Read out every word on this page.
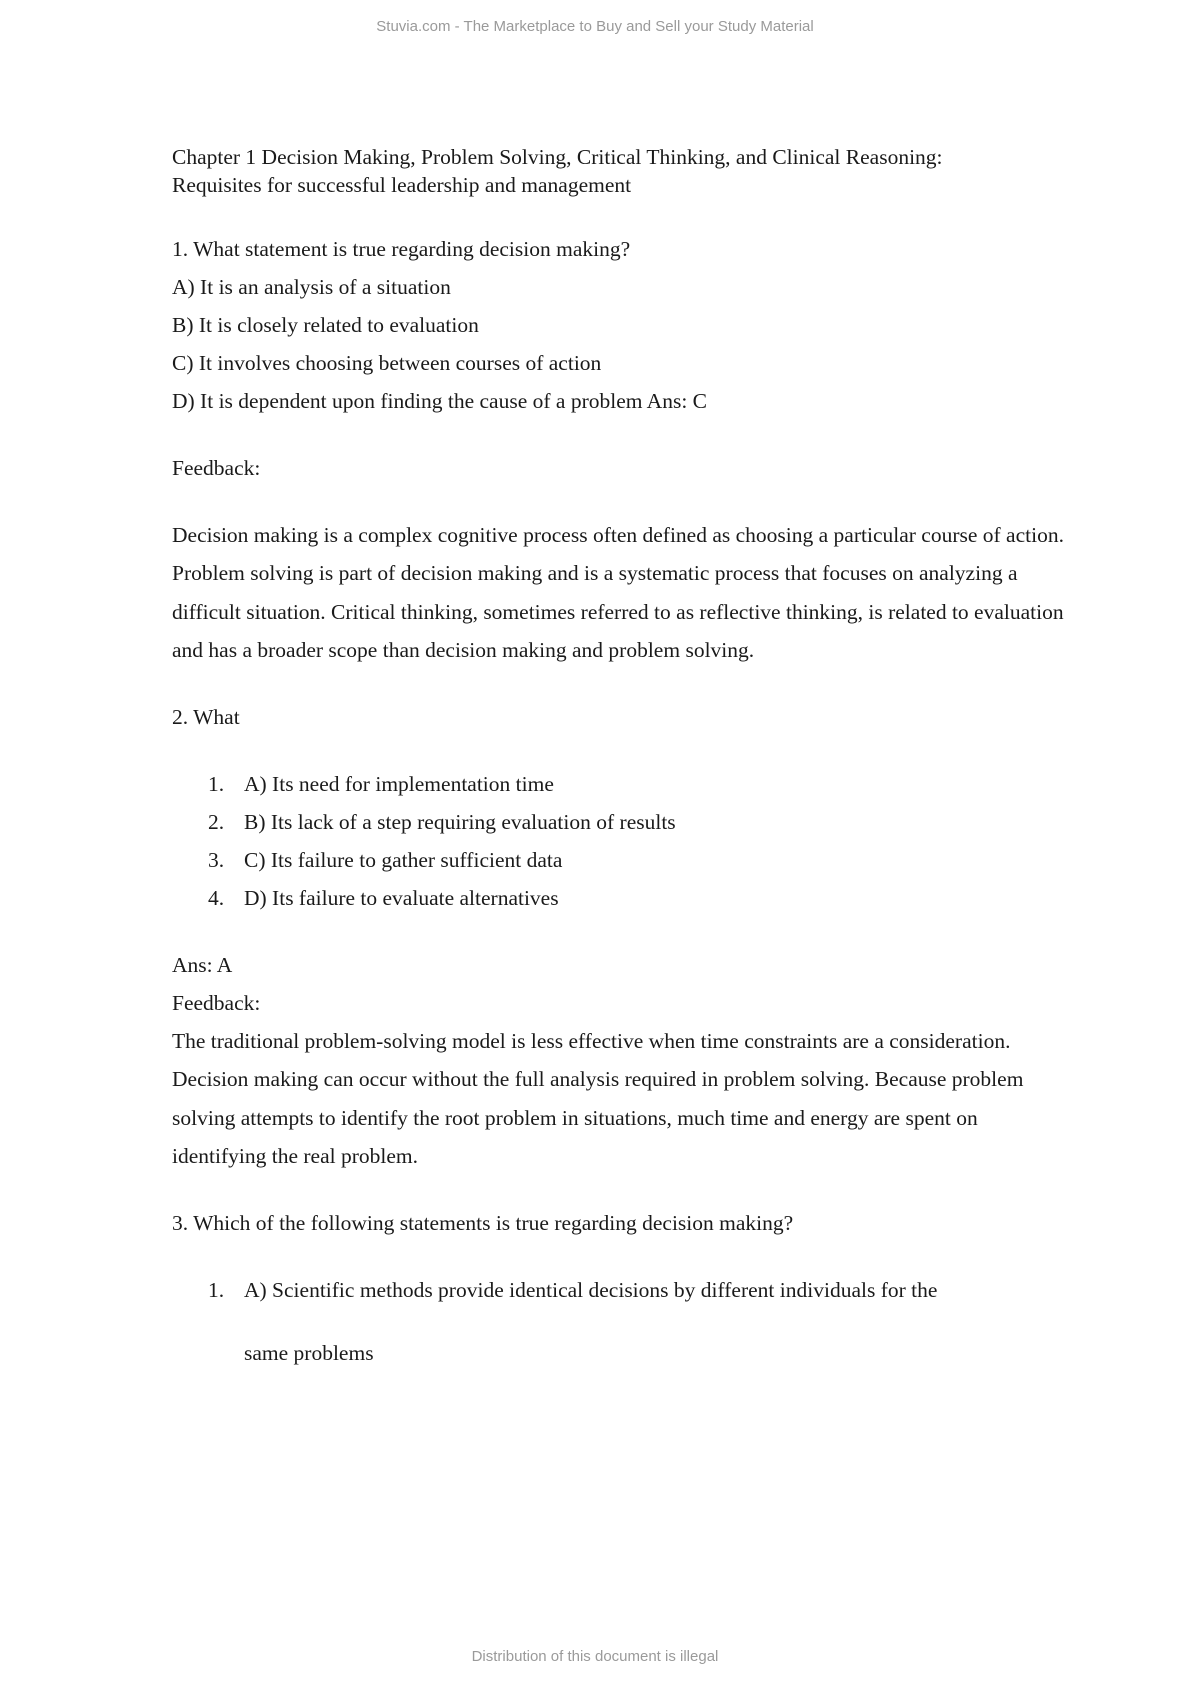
Stuvia.com - The Marketplace to Buy and Sell your Study Material
Chapter 1 Decision Making, Problem Solving, Critical Thinking, and Clinical Reasoning:
Requisites for successful leadership and management

1. What statement is true regarding decision making?

A) It is an analysis of a situation

B) It is closely related to evaluation

C) It involves choosing between courses of action

D) It is dependent upon finding the cause of a problem Ans: C

Feedback:

Decision making is a complex cognitive process often defined as choosing a particular course of action. Problem solving is part of decision making and is a systematic process that focuses on analyzing a difficult situation. Critical thinking, sometimes referred to as reflective thinking, is related to evaluation and has a broader scope than decision making and problem solving.

2. What

1. A) Its need for implementation time
2. B) Its lack of a step requiring evaluation of results
3. C) Its failure to gather sufficient data
4. D) Its failure to evaluate alternatives

Ans: A

Feedback:

The traditional problem-solving model is less effective when time constraints are a consideration. Decision making can occur without the full analysis required in problem solving. Because problem solving attempts to identify the root problem in situations, much time and energy are spent on identifying the real problem.

3. Which of the following statements is true regarding decision making?

1. A) Scientific methods provide identical decisions by different individuals for the
same problems
Distribution of this document is illegal
